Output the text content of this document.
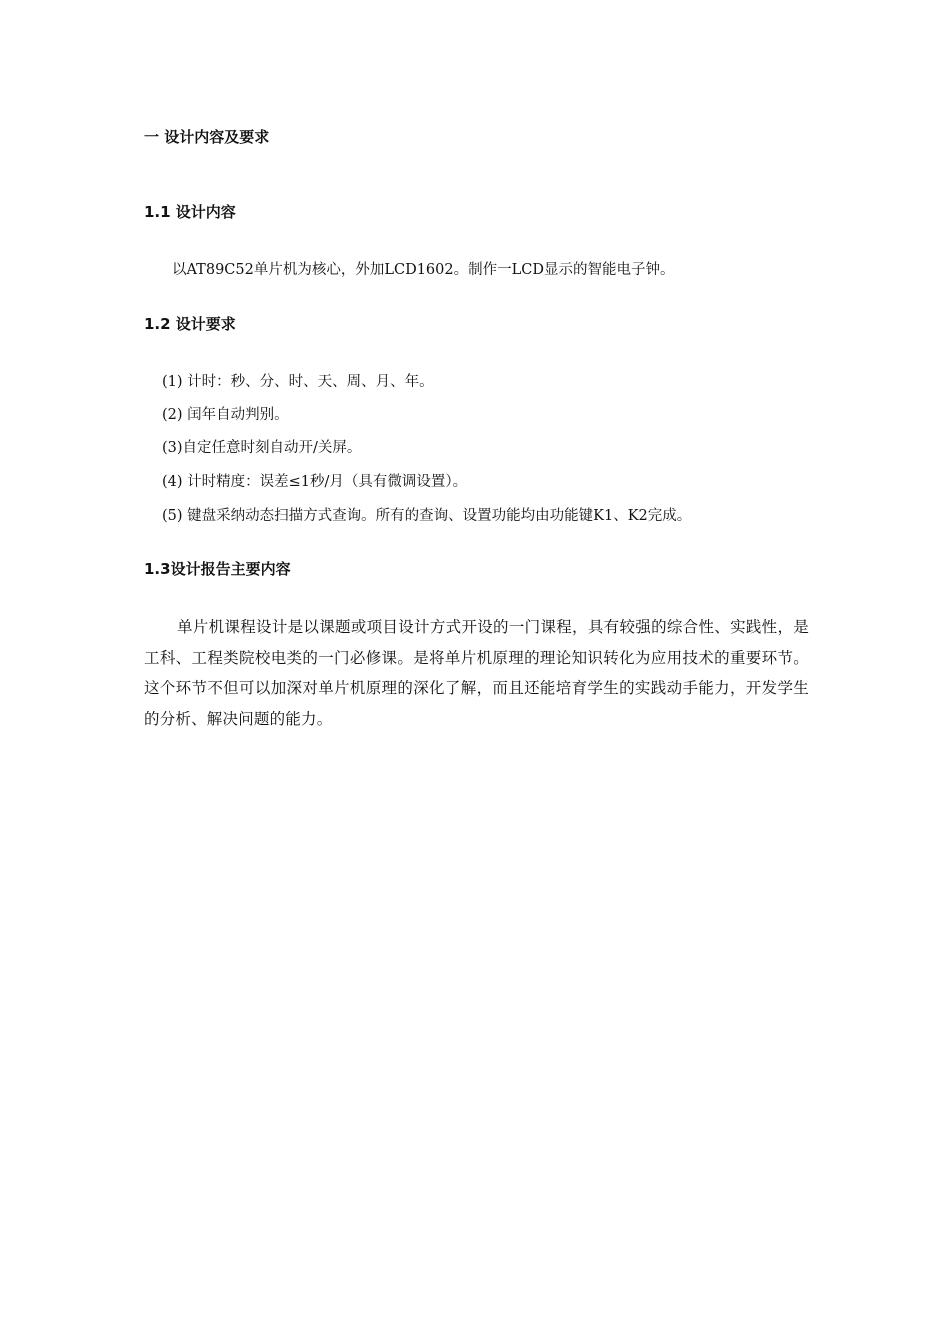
一 设计内容及要求
1.1 设计内容
以AT89C52单片机为核心，外加LCD1602。制作一LCD显示的智能电子钟。
1.2 设计要求
(1) 计时：秒、分、时、天、周、月、年。
(2) 闰年自动判别。
(3)自定任意时刻自动开/关屏。
(4) 计时精度：误差≤1秒/月（具有微调设置）。
(5) 键盘采纳动态扫描方式查询。所有的查询、设置功能均由功能键K1、K2完成。
1.3设计报告主要内容
单片机课程设计是以课题或项目设计方式开设的一门课程，具有较强的综合性、实践性，是工科、工程类院校电类的一门必修课。是将单片机原理的理论知识转化为应用技术的重要环节。这个环节不但可以加深对单片机原理的深化了解，而且还能培育学生的实践动手能力，开发学生的分析、解决问题的能力。
